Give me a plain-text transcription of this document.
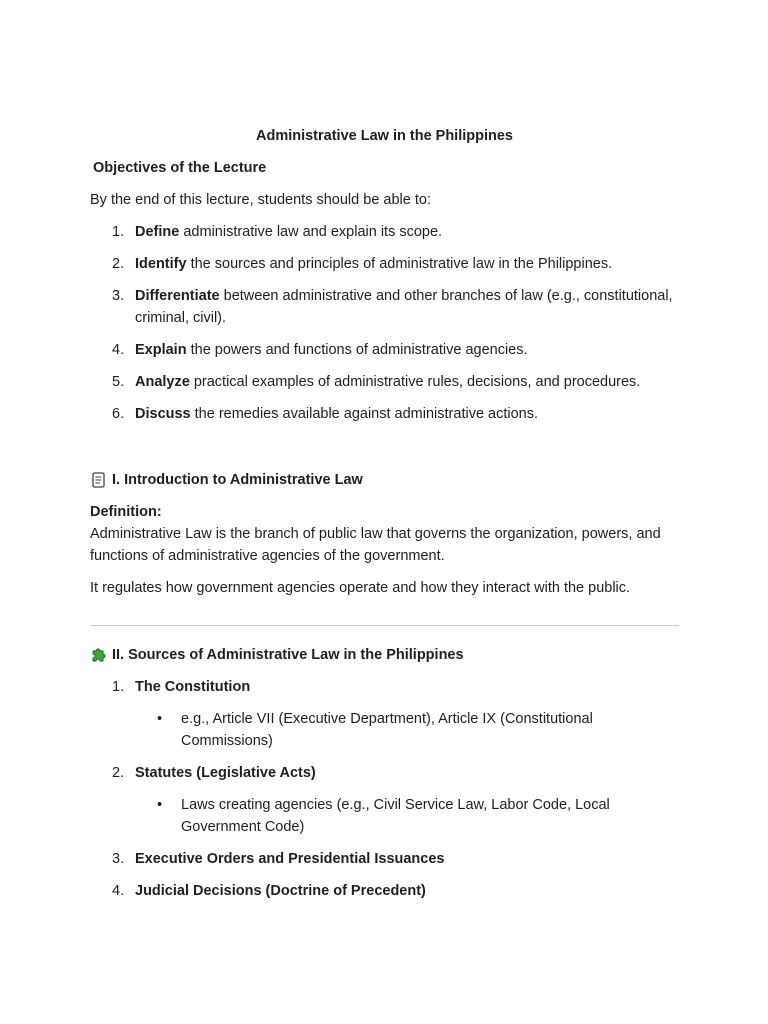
Administrative Law in the Philippines
Objectives of the Lecture

By the end of this lecture, students should be able to:

1. Define administrative law and explain its scope.
2. Identify the sources and principles of administrative law in the Philippines.
3. Differentiate between administrative and other branches of law (e.g., constitutional, criminal, civil).
4. Explain the powers and functions of administrative agencies.
5. Analyze practical examples of administrative rules, decisions, and procedures.
6. Discuss the remedies available against administrative actions.
I. Introduction to Administrative Law
Definition:

Administrative Law is the branch of public law that governs the organization, powers, and functions of administrative agencies of the government.

It regulates how government agencies operate and how they interact with the public.

II. Sources of Administrative Law in the Philippines
1. The Constitution
• e.g., Article VII (Executive Department), Article IX (Constitutional Commissions)
2. Statutes (Legislative Acts)
• Laws creating agencies (e.g., Civil Service Law, Labor Code, Local Government Code)
3. Executive Orders and Presidential Issuances
4. Judicial Decisions (Doctrine of Precedent)
